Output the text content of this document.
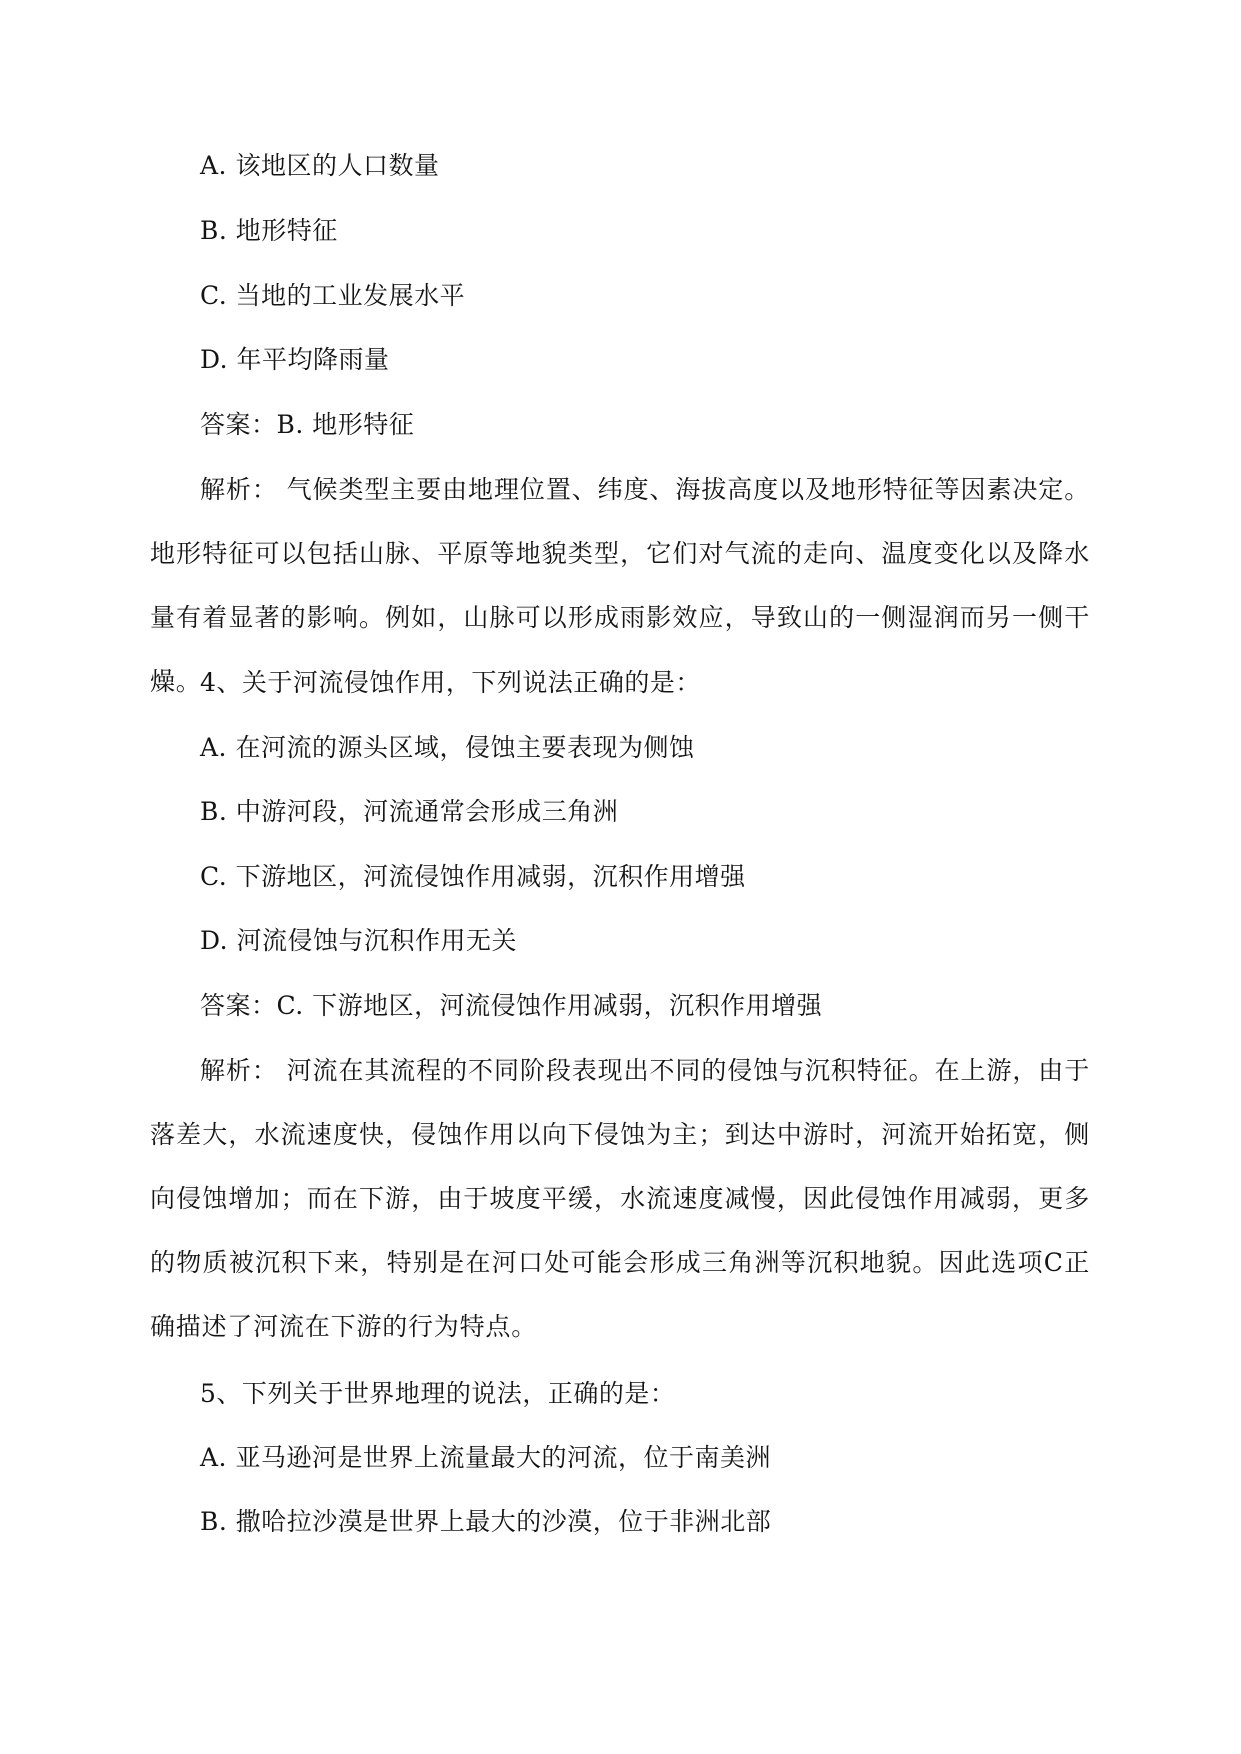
A. 该地区的人口数量
B. 地形特征
C. 当地的工业发展水平
D. 年平均降雨量
答案：B. 地形特征
解析： 气候类型主要由地理位置、纬度、海拔高度以及地形特征等因素决定。地形特征可以包括山脉、平原等地貌类型，它们对气流的走向、温度变化以及降水量有着显著的影响。例如，山脉可以形成雨影效应，导致山的一侧湿润而另一侧干燥。
4、关于河流侵蚀作用，下列说法正确的是：
A. 在河流的源头区域，侵蚀主要表现为侧蚀
B. 中游河段，河流通常会形成三角洲
C. 下游地区，河流侵蚀作用减弱，沉积作用增强
D. 河流侵蚀与沉积作用无关
答案：C. 下游地区，河流侵蚀作用减弱，沉积作用增强
解析： 河流在其流程的不同阶段表现出不同的侵蚀与沉积特征。在上游，由于落差大，水流速度快，侵蚀作用以向下侵蚀为主；到达中游时，河流开始拓宽，侧向侵蚀增加；而在下游，由于坡度平缓，水流速度减慢，因此侵蚀作用减弱，更多的物质被沉积下来，特别是在河口处可能会形成三角洲等沉积地貌。因此选项C正确描述了河流在下游的行为特点。
5、下列关于世界地理的说法，正确的是：
A. 亚马逊河是世界上流量最大的河流，位于南美洲
B. 撒哈拉沙漠是世界上最大的沙漠，位于非洲北部
